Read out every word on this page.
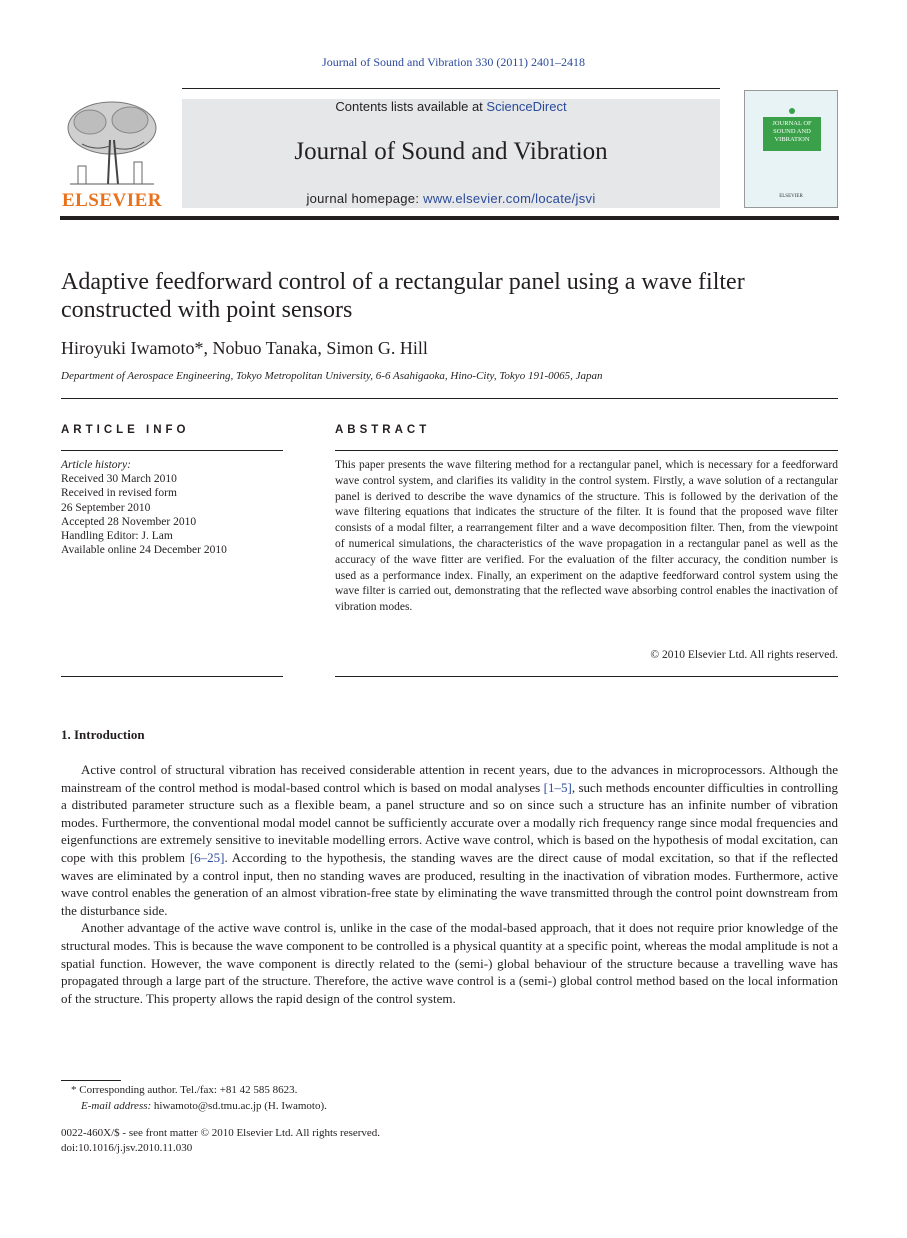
Journal of Sound and Vibration 330 (2011) 2401–2418
ELSEVIER
Contents lists available at ScienceDirect
Journal of Sound and Vibration
journal homepage: www.elsevier.com/locate/jsvi
JOURNAL OF SOUND AND VIBRATION
ELSEVIER
Adaptive feedforward control of a rectangular panel using a wave filter constructed with point sensors
Hiroyuki Iwamoto*, Nobuo Tanaka, Simon G. Hill
Department of Aerospace Engineering, Tokyo Metropolitan University, 6-6 Asahigaoka, Hino-City, Tokyo 191-0065, Japan
ARTICLE INFO
Article history:
Received 30 March 2010
Received in revised form
26 September 2010
Accepted 28 November 2010
Handling Editor: J. Lam
Available online 24 December 2010
ABSTRACT
This paper presents the wave filtering method for a rectangular panel, which is necessary for a feedforward wave control system, and clarifies its validity in the control system. Firstly, a wave solution of a rectangular panel is derived to describe the wave dynamics of the structure. This is followed by the derivation of the wave filtering equations that indicates the structure of the filter. It is found that the proposed wave filter consists of a modal filter, a rearrangement filter and a wave decomposition filter. Then, from the viewpoint of numerical simulations, the characteristics of the wave propagation in a rectangular panel as well as the accuracy of the wave fitter are verified. For the evaluation of the filter accuracy, the condition number is used as a performance index. Finally, an experiment on the adaptive feedforward control system using the wave filter is carried out, demonstrating that the reflected wave absorbing control enables the inactivation of vibration modes.
© 2010 Elsevier Ltd. All rights reserved.
1. Introduction

Active control of structural vibration has received considerable attention in recent years, due to the advances in microprocessors. Although the mainstream of the control method is modal-based control which is based on modal analyses [1–5], such methods encounter difficulties in controlling a distributed parameter structure such as a flexible beam, a panel structure and so on since such a structure has an infinite number of vibration modes. Furthermore, the conventional modal model cannot be sufficiently accurate over a modally rich frequency range since modal frequencies and eigenfunctions are extremely sensitive to inevitable modelling errors. Active wave control, which is based on the hypothesis of modal excitation, can cope with this problem [6–25]. According to the hypothesis, the standing waves are the direct cause of modal excitation, so that if the reflected waves are eliminated by a control input, then no standing waves are produced, resulting in the inactivation of vibration modes. Furthermore, active wave control enables the generation of an almost vibration-free state by eliminating the wave transmitted through the control point downstream from the disturbance side.

Another advantage of the active wave control is, unlike in the case of the modal-based approach, that it does not require prior knowledge of the structural modes. This is because the wave component to be controlled is a physical quantity at a specific point, whereas the modal amplitude is not a spatial function. However, the wave component is directly related to the (semi-) global behaviour of the structure because a travelling wave has propagated through a large part of the structure. Therefore, the active wave control is a (semi-) global control method based on the local information of the structure. This property allows the rapid design of the control system.

* Corresponding author. Tel./fax: +81 42 585 8623.
E-mail address: hiwamoto@sd.tmu.ac.jp (H. Iwamoto).
0022-460X/$ - see front matter © 2010 Elsevier Ltd. All rights reserved.
doi:10.1016/j.jsv.2010.11.030
